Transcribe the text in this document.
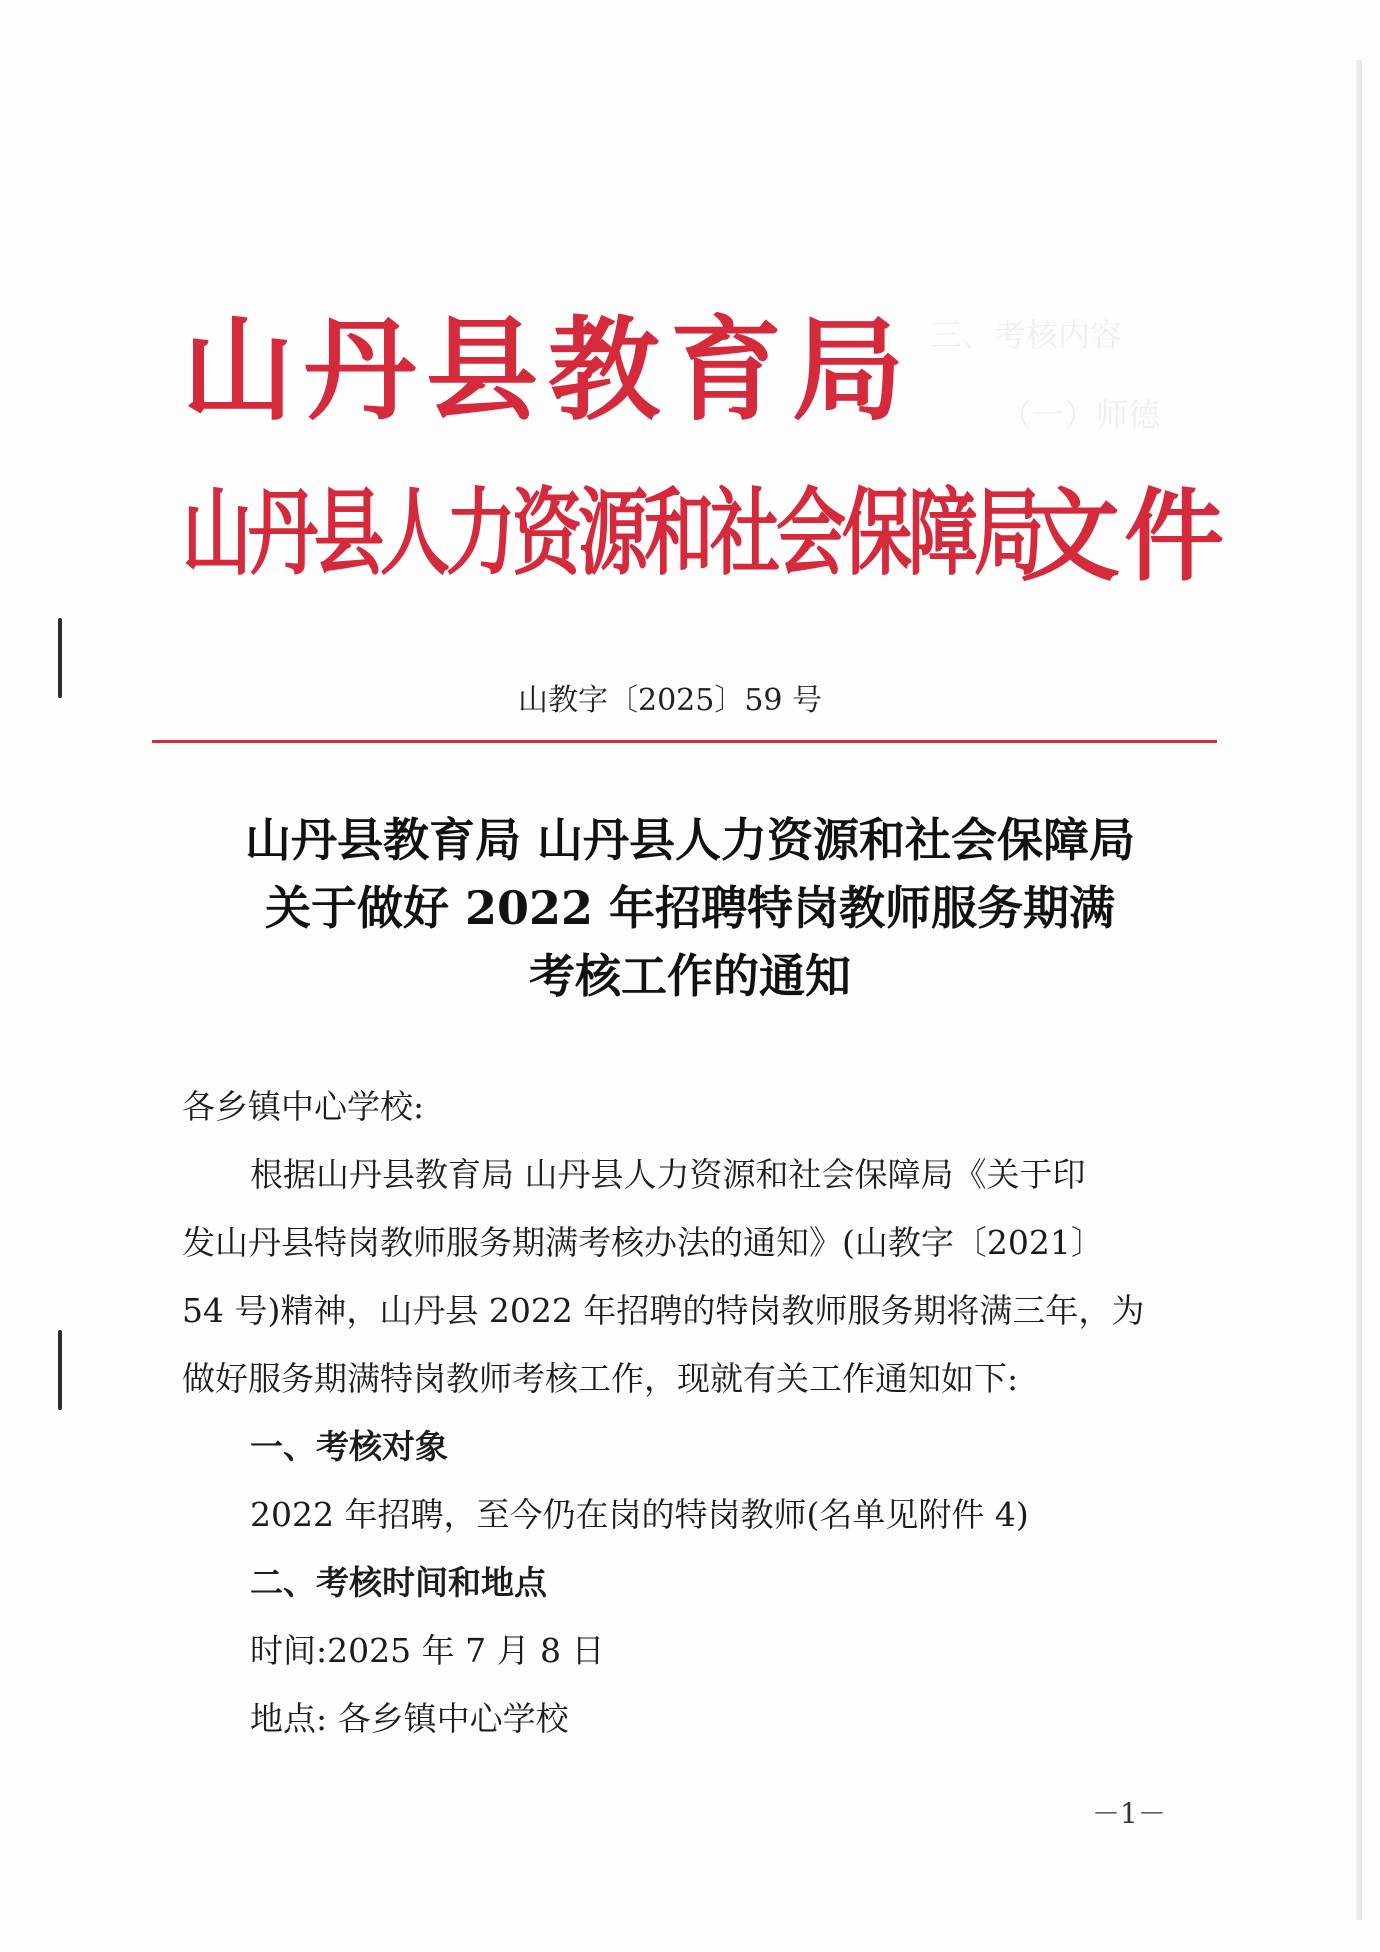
三、考核内容
（一）师德
山丹县教育局
山丹县人力资源和社会保障局
文件
山教字〔2025〕59 号
山丹县教育局 山丹县人力资源和社会保障局
关于做好 2022 年招聘特岗教师服务期满
考核工作的通知
各乡镇中心学校:
根据山丹县教育局 山丹县人力资源和社会保障局《关于印
发山丹县特岗教师服务期满考核办法的通知》(山教字〔2021〕
54 号)精神，山丹县 2022 年招聘的特岗教师服务期将满三年，为
做好服务期满特岗教师考核工作，现就有关工作通知如下:
一、考核对象
2022 年招聘，至今仍在岗的特岗教师(名单见附件 4)
二、考核时间和地点
时间:2025 年 7 月 8 日
地点: 各乡镇中心学校
－1－
